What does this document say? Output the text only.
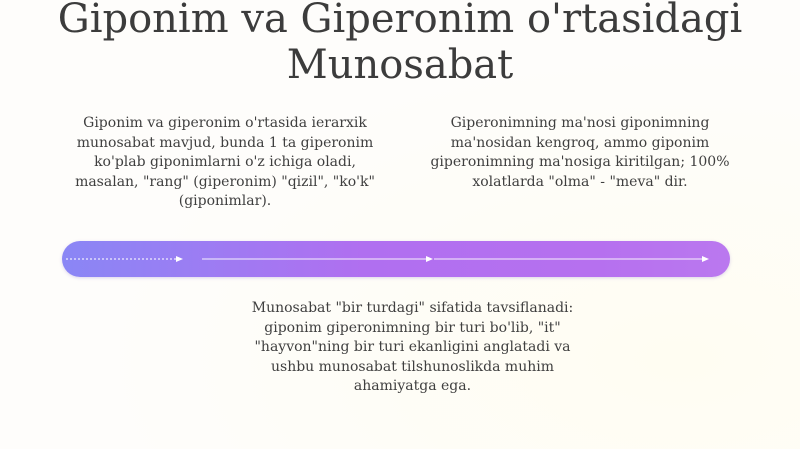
Giponim va Giperonim o'rtasidagi
Munosabat

Giponim va giperonim o'rtasida ierarxik munosabat mavjud, bunda 1 ta giperonim ko'plab giponimlarni o'z ichiga oladi, masalan, "rang" (giperonim) "qizil", "ko'k" (giponimlar).

Giperonimning ma'nosi giponimning ma'nosidan kengroq, ammo giponim giperonimning ma'nosiga kiritilgan; 100% xolatlarda "olma" - "meva" dir.

Munosabat "bir turdagi" sifatida tavsiflanadi: giponim giperonimning bir turi bo'lib, "it" "hayvon"ning bir turi ekanligini anglatadi va ushbu munosabat tilshunoslikda muhim ahamiyatga ega.
